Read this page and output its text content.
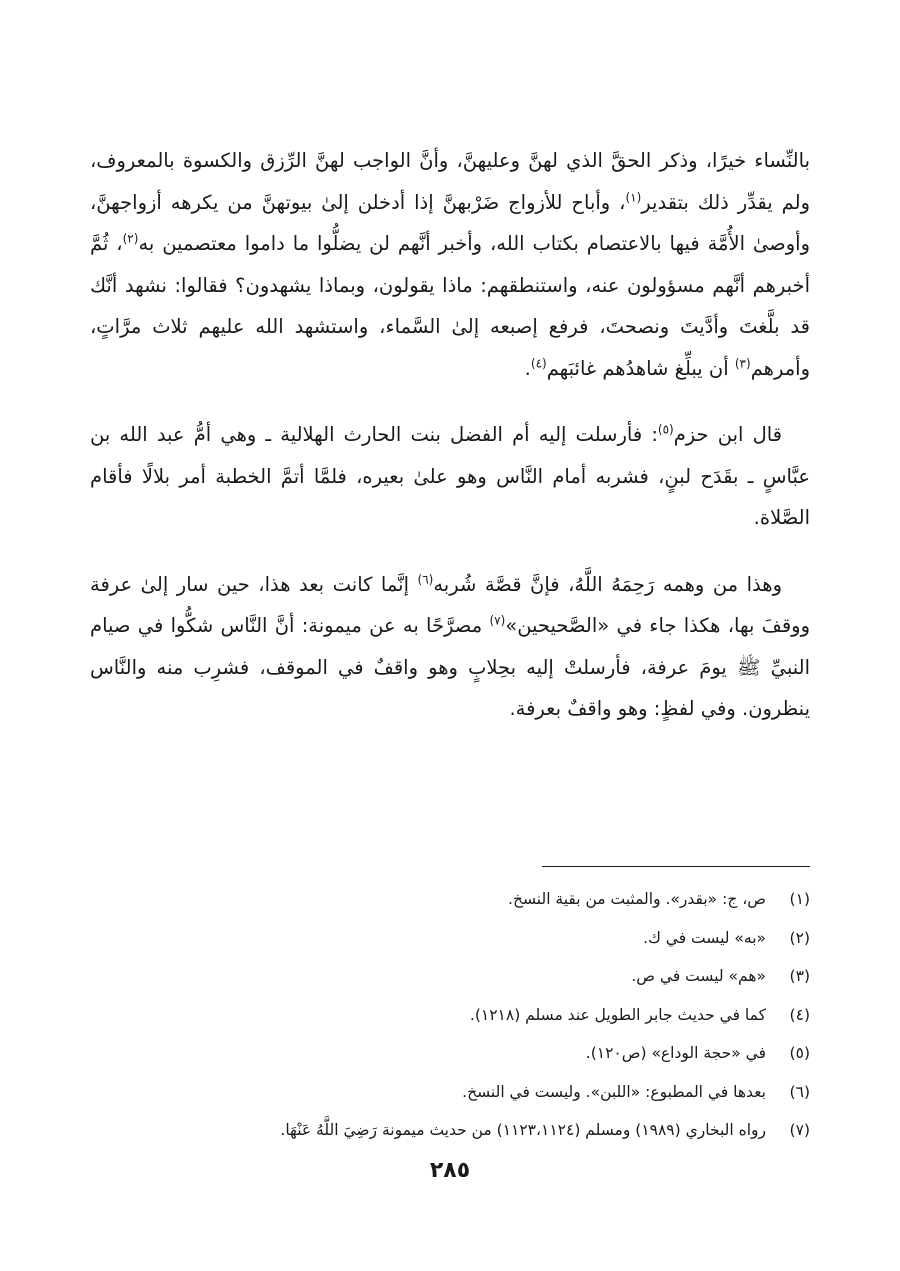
بالنِّساء خيرًا، وذكر الحقَّ الذي لهنَّ وعليهنَّ، وأنَّ الواجب لهنَّ الرِّزق والكسوة بالمعروف، ولم يقدِّر ذلك بتقدير$^{(١)}$، وأباح للأزواج ضَرْبهنَّ إذا أدخلن إلىٰ بيوتهنَّ من يكرهه أزواجهنَّ، وأوصىٰ الأُمَّة فيها بالاعتصام بكتاب الله، وأخبر أنَّهم لن يضلُّوا ما داموا معتصمين به$^{(٢)}$، ثُمَّ أخبرهم أنَّهم مسؤولون عنه، واستنطقهم: ماذا يقولون، وبماذا يشهدون؟ فقالوا: نشهد أنَّك قد بلَّغتَ وأدَّيتَ ونصحتَ، فرفع إصبعه إلىٰ السَّماء، واستشهد الله عليهم ثلاث مرَّاتٍ، وأمرهم$^{(٣)}$ أن يبلِّغ شاهدُهم غائبَهم$^{(٤)}$.

قال ابن حزم$^{(٥)}$: فأرسلت إليه أم الفضل بنت الحارث الهلالية ـ وهي أمُّ عبد الله بن عبَّاسٍ ـ بقَدَح لبنٍ، فشربه أمام النَّاس وهو علىٰ بعيره، فلمَّا أتمَّ الخطبة أمر بلالًا فأقام الصَّلاة.

وهذا من وهمه رَحِمَهُ اللَّهُ، فإنَّ قصَّة شُربه$^{(٦)}$ إنَّما كانت بعد هذا، حين سار إلىٰ عرفة ووقفَ بها، هكذا جاء في «الصَّحيحين»$^{(٧)}$ مصرَّحًا به عن ميمونة: أنَّ النَّاس شكُّوا في صيام النبيِّ ﷺ يومَ عرفة، فأرسلتْ إليه بحِلابٍ وهو واقفٌ في الموقف، فشرِب منه والنَّاس ينظرون. وفي لفظٍ: وهو واقفٌ بعرفة.

(١)
ص، ج: «بقدر». والمثبت من بقية النسخ.
(٢)
«به» ليست في ك.
(٣)
«هم» ليست في ص.
(٤)
كما في حديث جابر الطويل عند مسلم (١٢١٨).
(٥)
في «حجة الوداع» (ص١٢٠).
(٦)
بعدها في المطبوع: «اللبن». وليست في النسخ.
(٧)
رواه البخاري (١٩٨٩) ومسلم (١١٢٣،١١٢٤) من حديث ميمونة رَضِيَ اللَّهُ عَنْهَا.
٢٨٥
